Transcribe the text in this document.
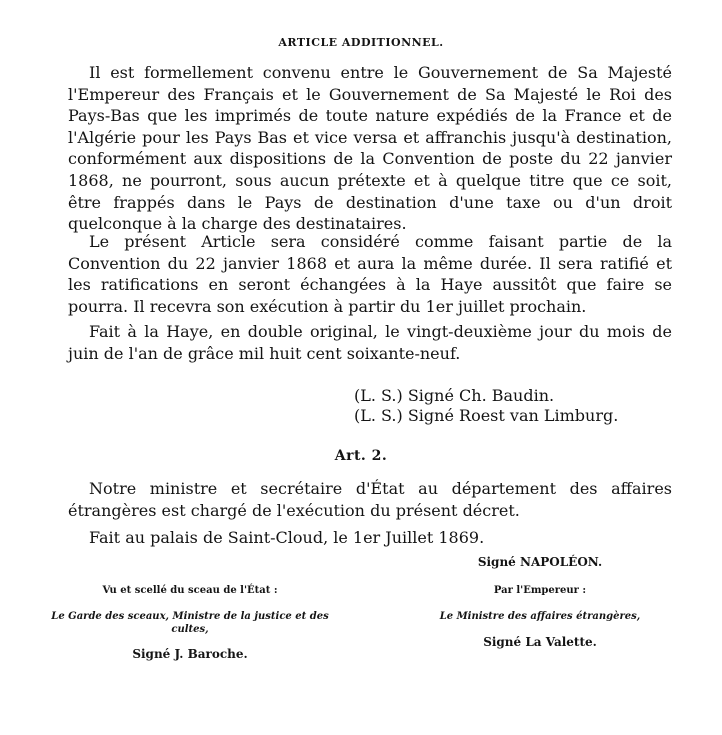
ARTICLE ADDITIONNEL.
Il est formellement convenu entre le Gouvernement de Sa Majesté l'Empereur des Français et le Gouvernement de Sa Majesté le Roi des Pays-Bas que les imprimés de toute nature expédiés de la France et de l'Algérie pour les Pays Bas et vice versa et affranchis jusqu'à destination, conformément aux dispositions de la Convention de poste du 22 janvier 1868, ne pourront, sous aucun prétexte et à quelque titre que ce soit, être frappés dans le Pays de destination d'une taxe ou d'un droit quelconque à la charge des destinataires.
Le présent Article sera considéré comme faisant partie de la Convention du 22 janvier 1868 et aura la même durée. Il sera ratifié et les ratifications en seront échangées à la Haye aussitôt que faire se pourra. Il recevra son exécution à partir du 1er juillet prochain.
Fait à la Haye, en double original, le vingt-deuxième jour du mois de juin de l'an de grâce mil huit cent soixante-neuf.
(L. S.) Signé Ch. Baudin.
(L. S.) Signé Roest van Limburg.
Art. 2.
Notre ministre et secrétaire d'État au département des affaires étrangères est chargé de l'exécution du présent décret.
Fait au palais de Saint-Cloud, le 1er Juillet 1869.
Vu et scellé du sceau de l'État :
Le Garde des sceaux, Ministre de la justice et des cultes,
Signé J. Baroche.
Signé NAPOLÉON.
Par l'Empereur :
Le Ministre des affaires étrangères,
Signé La Valette.
